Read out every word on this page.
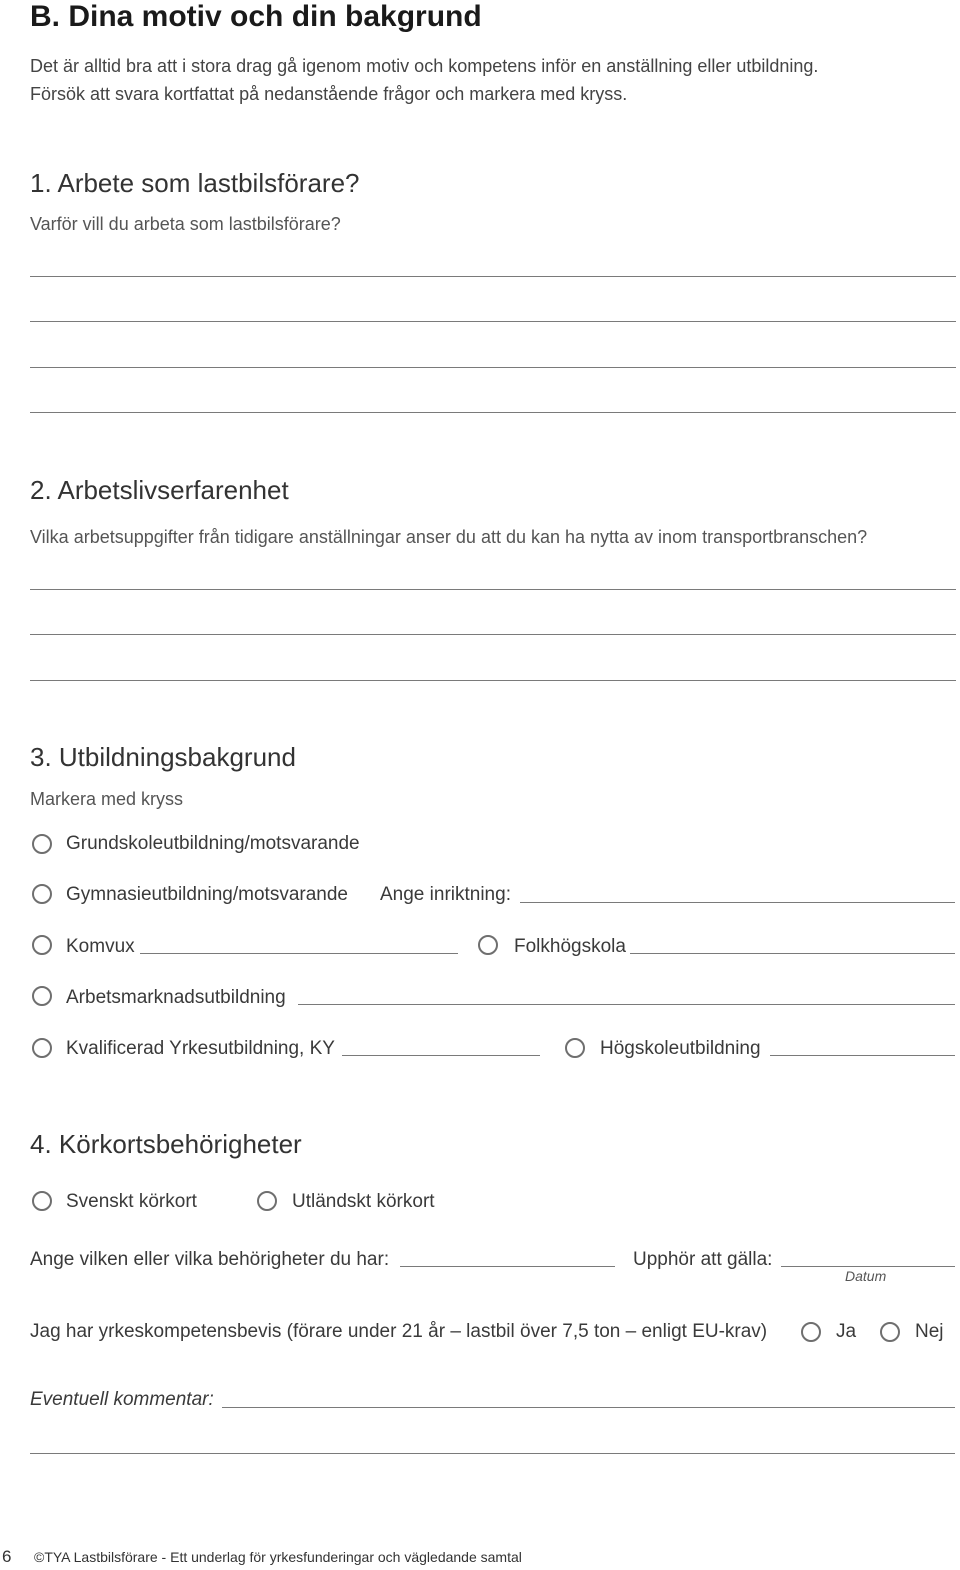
B. Dina motiv och din bakgrund
Det är alltid bra att i stora drag gå igenom motiv och kompetens inför en anställning eller utbildning.
Försök att svara kortfattat på nedanstående frågor och markera med kryss.
1. Arbete som lastbilsförare?
Varför vill du arbeta som lastbilsförare?
2. Arbetslivserfarenhet
Vilka arbetsuppgifter från tidigare anställningar anser du att du kan ha nytta av inom transportbranschen?
3. Utbildningsbakgrund
Markera med kryss
Grundskoleutbildning/motsvarande
Gymnasieutbildning/motsvarande Ange inriktning:
Komvux	Folkhögskola
Arbetsmarknadsutbildning
Kvalificerad Yrkesutbildning, KY	Högskoleutbildning
4. Körkortsbehörigheter
Svenskt körkort	Utländskt körkort
Ange vilken eller vilka behörigheter du har:	Upphör att gälla:
Datum
Jag har yrkeskompetensbevis (förare under 21 år – lastbil över 7,5 ton – enligt EU-krav)	Ja	Nej
Eventuell kommentar:
6 ©TYA Lastbilsförare - Ett underlag för yrkesfunderingar och vägledande samtal
